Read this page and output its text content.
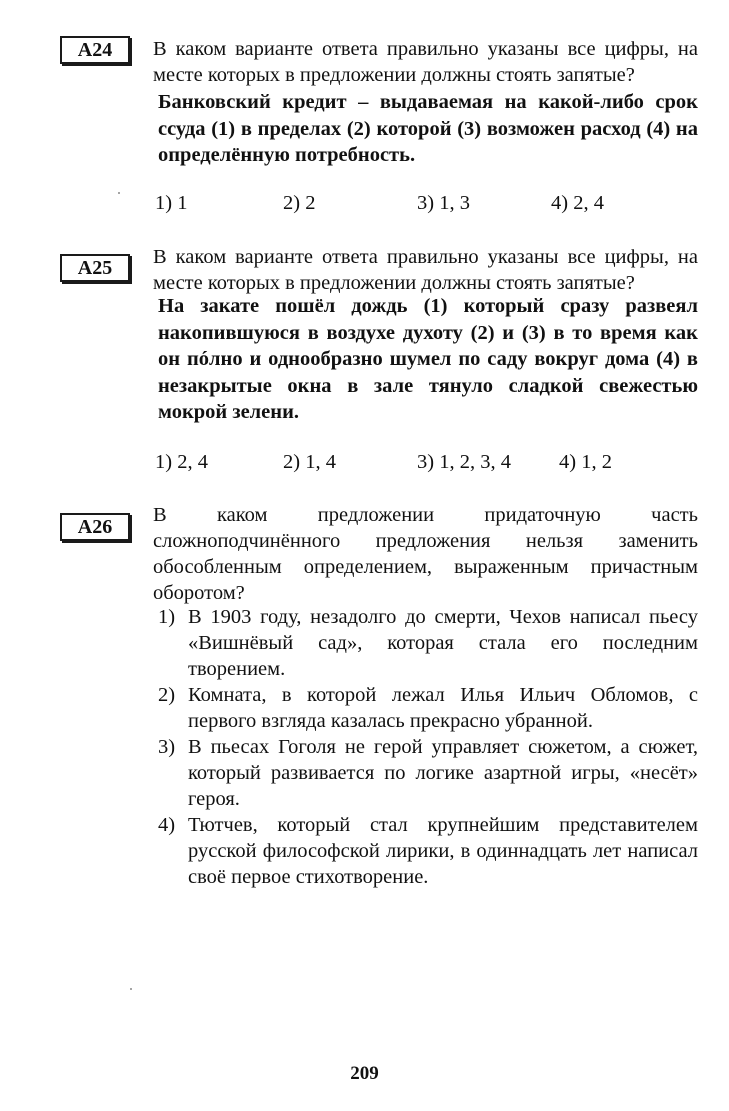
А24	В каком варианте ответа правильно указаны все цифры, на месте которых в предложении должны стоять запятые?
Банковский кредит – выдаваемая на какой-либо срок ссуда (1) в пределах (2) которой (3) возможен расход (4) на определённую потребность.
1) 1	2) 2	3) 1, 3	4) 2, 4
А25	В каком варианте ответа правильно указаны все цифры, на месте которых в предложении должны стоять запятые?
На закате пошёл дождь (1) который сразу развеял накопившуюся в воздухе духоту (2) и (3) в то время как он пóлно и однообразно шумел по саду вокруг дома (4) в незакрытые окна в зале тянуло сладкой свежестью мокрой зелени.
1) 2, 4	2) 1, 4	3) 1, 2, 3, 4 4) 1, 2
А26
В каком предложении придаточную часть сложноподчинённого предложения нельзя заменить обособленным определением, выраженным причастным оборотом?
1) В 1903 году, незадолго до смерти, Чехов написал пьесу «Вишнёвый сад», которая стала его последним творением.
2) Комната, в которой лежал Илья Ильич Обломов, с первого взгляда казалась прекрасно убранной.
3) В пьесах Гоголя не герой управляет сюжетом, а сюжет, который развивается по логике азартной игры, «несёт» героя.
4) Тютчев, который стал крупнейшим представителем русской философской лирики, в одиннадцать лет написал своё первое стихотворение.
209
